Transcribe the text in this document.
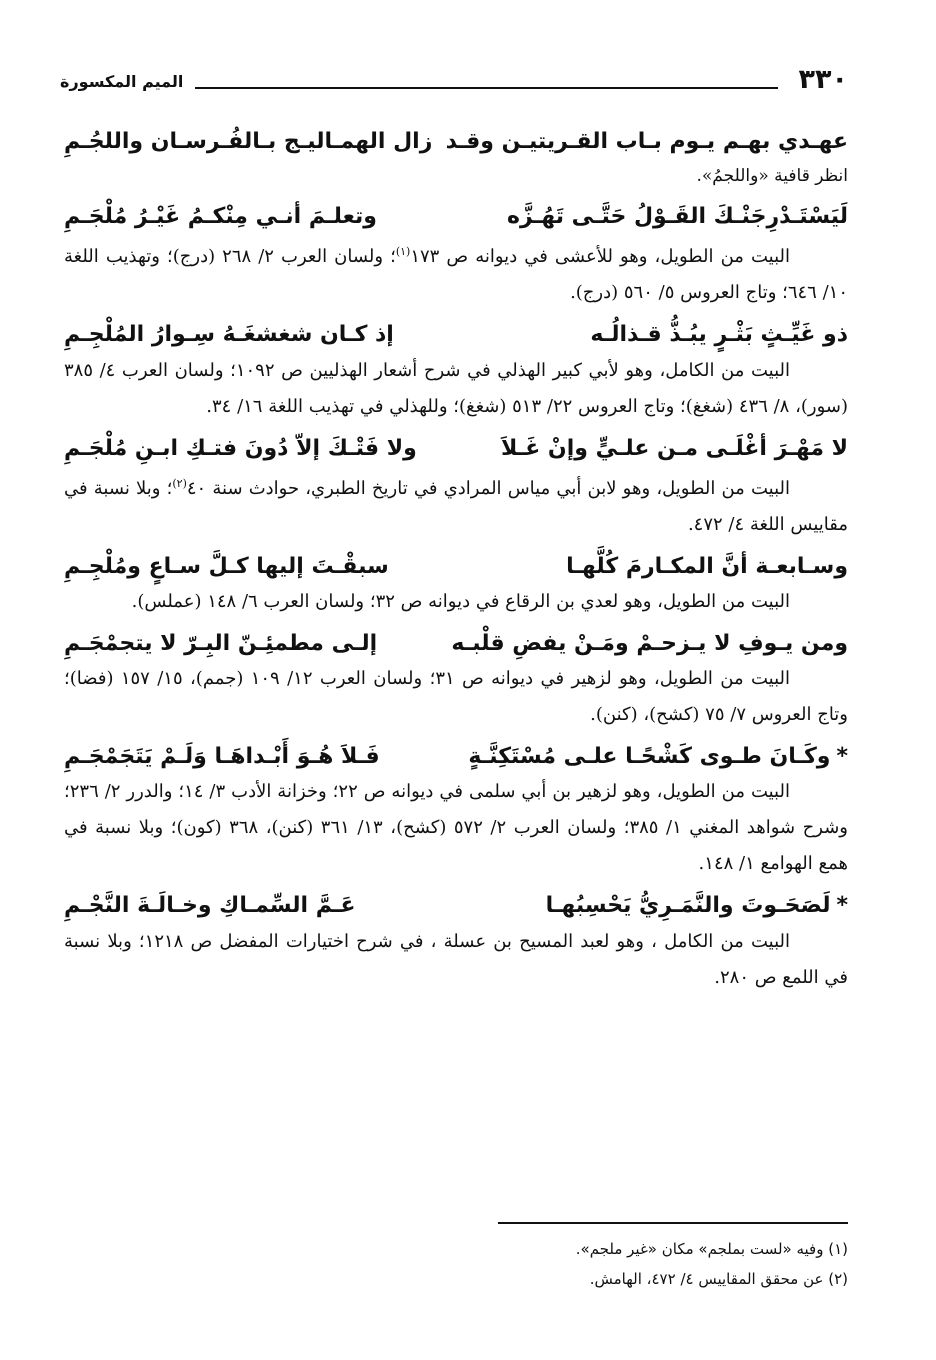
٣٣٠
الميم المكسورة
عهـدي بهـم يـوم بـاب القـريتيـن وقـد
زال الهمـاليـج بـالفُـرسـان واللجُـمِ

انظر قافية «واللجمُ».

لَيَسْتَـدْرِجَنْـكَ القَـوْلُ حَتَّـى تَهُـزَّه
وتعلـمَ أنـي مِنْكـمُ غَيْـرُ مُلْجَـمِ

البيت من الطويل، وهو للأعشى في ديوانه ص ١٧٣$^{(١)}$؛ ولسان العرب ٢/ ٢٦٨ (درج)؛ وتهذيب اللغة ١٠/ ٦٤٦؛ وتاج العروس ٥/ ٥٦٠ (درج).

ذو غَيِّـثٍ بَثْـرٍ يبُـذُّ قـذالُـه
إذ كـان شغشغَـهُ سِـوارُ المُلْجِـمِ

البيت من الكامل، وهو لأبي كبير الهذلي في شرح أشعار الهذليين ص ١٠٩٢؛ ولسان العرب ٤/ ٣٨٥ (سور)، ٨/ ٤٣٦ (شغغ)؛ وتاج العروس ٢٢/ ٥١٣ (شغغ)؛ وللهذلي في تهذيب اللغة ١٦/ ٣٤.

لا مَهْـرَ أغْلَـى مـن علـيٍّ وإنْ غَـلاَ
ولا فَتْـكَ إلاّ دُونَ فتـكِ ابـنِ مُلْجَـمِ

البيت من الطويل، وهو لابن أبي مياس المرادي في تاريخ الطبري، حوادث سنة ٤٠$^{(٢)}$؛ وبلا نسبة في مقاييس اللغة ٤/ ٤٧٢.

وسـابعـة أنَّ المكـارمَ كُلَّهـا
سبقْـتَ إليها كـلَّ سـاعٍ ومُلْجِـمِ

البيت من الطويل، وهو لعدي بن الرقاع في ديوانه ص ٣٢؛ ولسان العرب ٦/ ١٤٨ (عملس).

ومن يـوفِ لا يـزحـمْ ومَـنْ يفضِ قلْبـه
إلـى مطمئِـنّ البِـرّ لا يتجمْجَـمِ

البيت من الطويل، وهو لزهير في ديوانه ص ٣١؛ ولسان العرب ١٢/ ١٠٩ (جمم)، ١٥/ ١٥٧ (فضا)؛ وتاج العروس ٧/ ٧٥ (كشح)، (كنن).

*وكَـانَ طـوى كَشْحًـا علـى مُسْتَكِنَّـةٍ
فَـلاَ هُـوَ أَبْـداهَـا وَلَـمْ يَتَجَمْجَـمِ

البيت من الطويل، وهو لزهير بن أبي سلمى في ديوانه ص ٢٢؛ وخزانة الأدب ٣/ ١٤؛ والدرر ٢/ ٢٣٦؛ وشرح شواهد المغني ١/ ٣٨٥؛ ولسان العرب ٢/ ٥٧٢ (كشح)، ١٣/ ٣٦١ (كنن)، ٣٦٨ (كون)؛ وبلا نسبة في همع الهوامع ١/ ١٤٨.

*لَصَحَـوتَ والنَّمَـرِيُّ يَحْسِبُهـا
عَـمَّ السِّمـاكِ وخـالَـةَ النَّجْـمِ

البيت من الكامل ، وهو لعبد المسيح بن عسلة ، في شرح اختيارات المفضل ص ١٢١٨؛ وبلا نسبة في اللمع ص ٢٨٠.

(١) وفيه «لست بملجم» مكان «غير ملجم».

(٢) عن محقق المقاييس ٤/ ٤٧٢، الهامش.
